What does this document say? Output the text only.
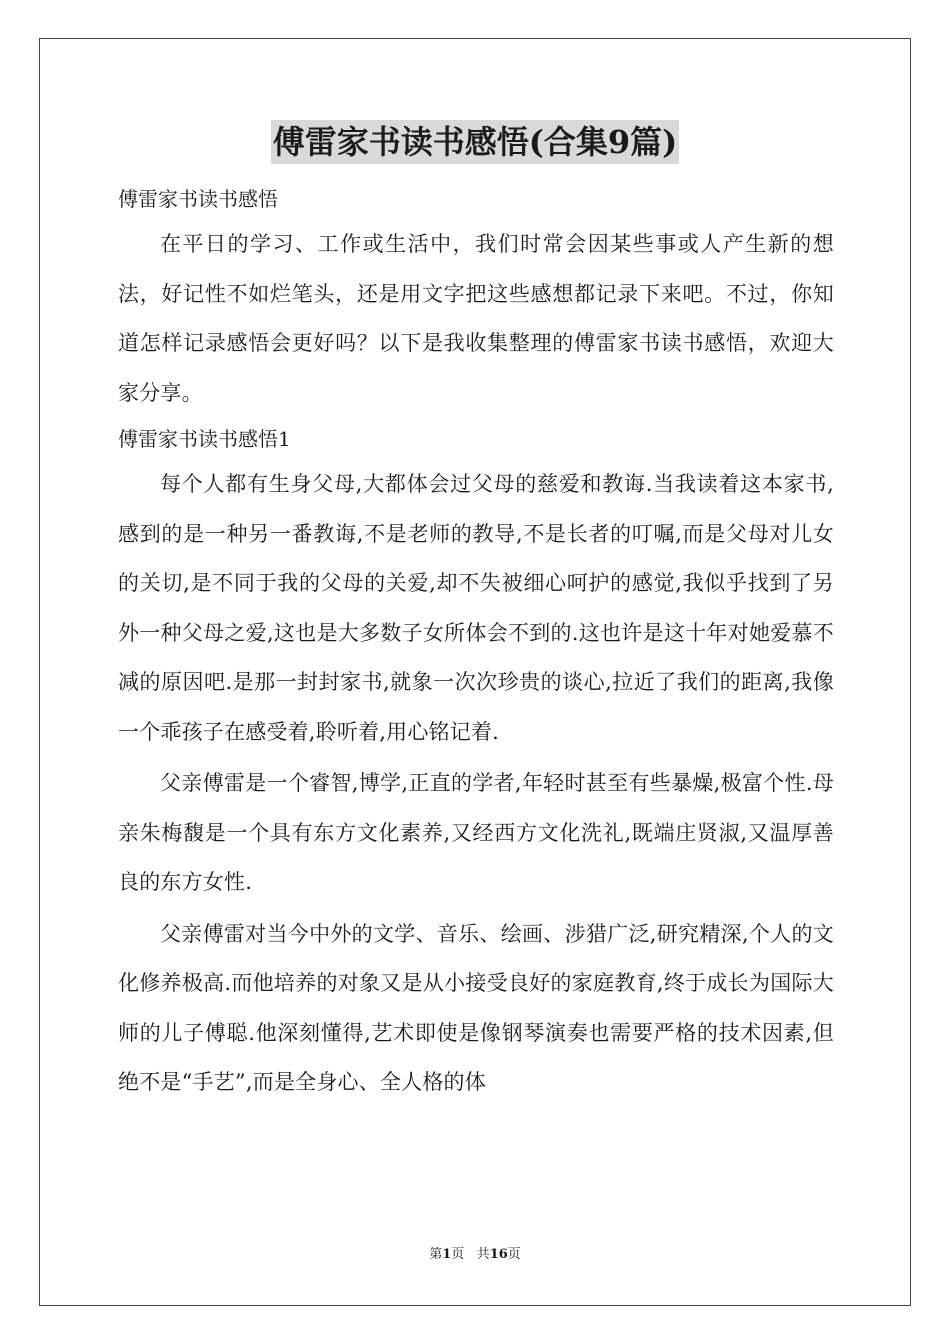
傅雷家书读书感悟(合集9篇)

傅雷家书读书感悟

在平日的学习、工作或生活中，我们时常会因某些事或人产生新的想法，好记性不如烂笔头，还是用文字把这些感想都记录下来吧。不过，你知道怎样记录感悟会更好吗？以下是我收集整理的傅雷家书读书感悟，欢迎大家分享。

傅雷家书读书感悟1

每个人都有生身父母,大都体会过父母的慈爱和教诲.当我读着这本家书,感到的是一种另一番教诲,不是老师的教导,不是长者的叮嘱,而是父母对儿女的关切,是不同于我的父母的关爱,却不失被细心呵护的感觉,我似乎找到了另外一种父母之爱,这也是大多数子女所体会不到的.这也许是这十年对她爱慕不减的原因吧.是那一封封家书,就象一次次珍贵的谈心,拉近了我们的距离,我像一个乖孩子在感受着,聆听着,用心铭记着.

父亲傅雷是一个睿智,博学,正直的学者,年轻时甚至有些暴燥,极富个性.母亲朱梅馥是一个具有东方文化素养,又经西方文化洗礼,既端庄贤淑,又温厚善良的东方女性.

父亲傅雷对当今中外的文学、音乐、绘画、涉猎广泛,研究精深,个人的文化修养极高.而他培养的对象又是从小接受良好的家庭教育,终于成长为国际大师的儿子傅聪.他深刻懂得,艺术即使是像钢琴演奏也需要严格的技术因素,但绝不是“手艺”,而是全身心、全人格的体

第1页 共16页
